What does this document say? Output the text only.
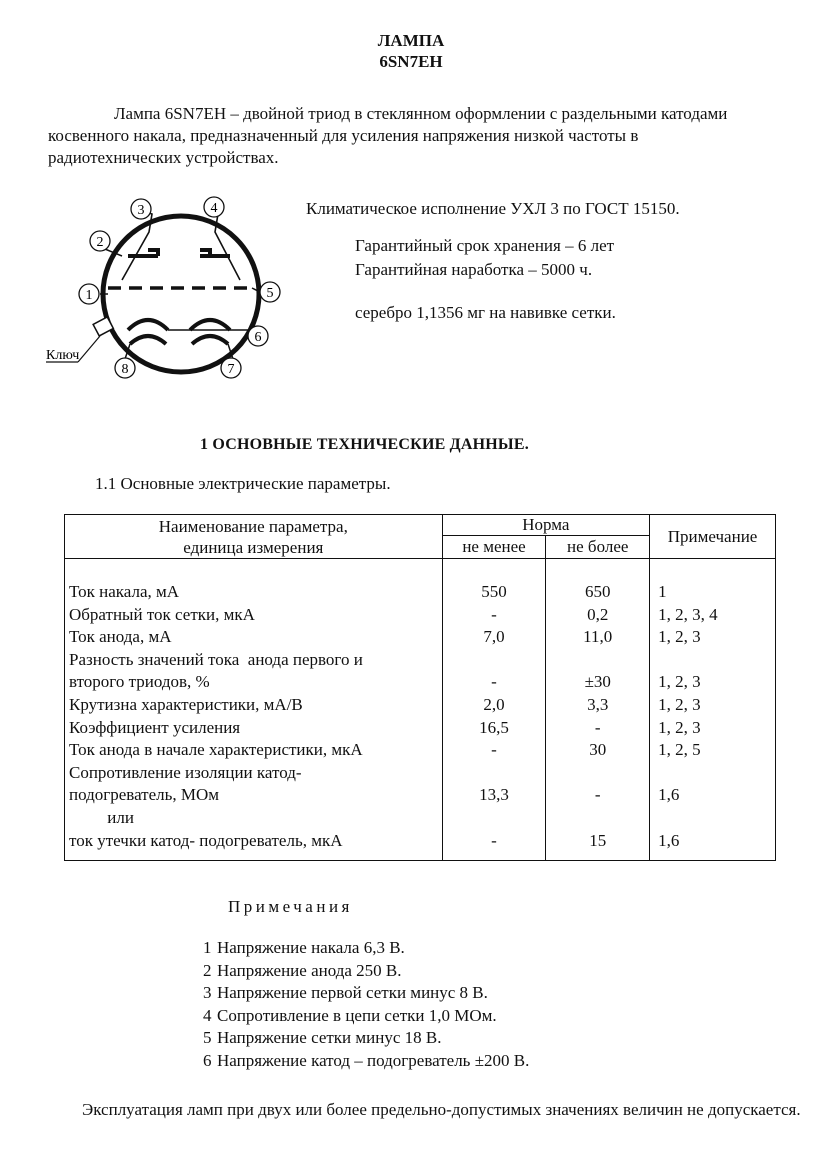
ЛАМПА
6SN7EH
Лампа 6SN7EH – двойной триод в стеклянном оформлении с раздельными катодами косвенного накала, предназначенный для усиления напряжения низкой частоты в радиотехнических устройствах.
1
2
3	4
5
6
7
8
Ключ
Климатическое исполнение УХЛ 3 по ГОСТ 15150.
Гарантийный срок хранения – 6 лет
Гарантийная наработка – 5000 ч.
серебро 1,1356 мг на навивке сетки.
1 ОСНОВНЫЕ ТЕХНИЧЕСКИЕ ДАННЫЕ.
1.1 Основные электрические параметры.
Наименование параметра,
единица измерения	Норма		Примечание
	не менее	не более	

Ток накала, мА	550	650	1
Обратный ток сетки, мкА	-	0,2	1, 2, 3, 4
Ток анода, мА	7,0	11,0	1, 2, 3
Разность значений тока  анода первого и			
второго триодов, %	-	±30	1, 2, 3
Крутизна характеристики, мА/В	2,0	3,3	1, 2, 3
Коэффициент усиления	16,5	-	1, 2, 3
Ток анода в начале характеристики, мкА	-	30	1, 2, 5
Сопротивление изоляции катод-			
подогреватель, МОм	13,3	-	1,6
или			
ток утечки катод- подогреватель, мкА	-	15	1,6
Примечания
1 Напряжение накала 6,3 В.
2 Напряжение анода 250 В.
3 Напряжение первой сетки минус 8 В.
4 Сопротивление в цепи сетки 1,0 МОм.
5 Напряжение сетки минус 18 В.
6 Напряжение катод – подогреватель ±200 В.
Эксплуатация ламп при двух или более предельно-допустимых значениях величин не допускается.
